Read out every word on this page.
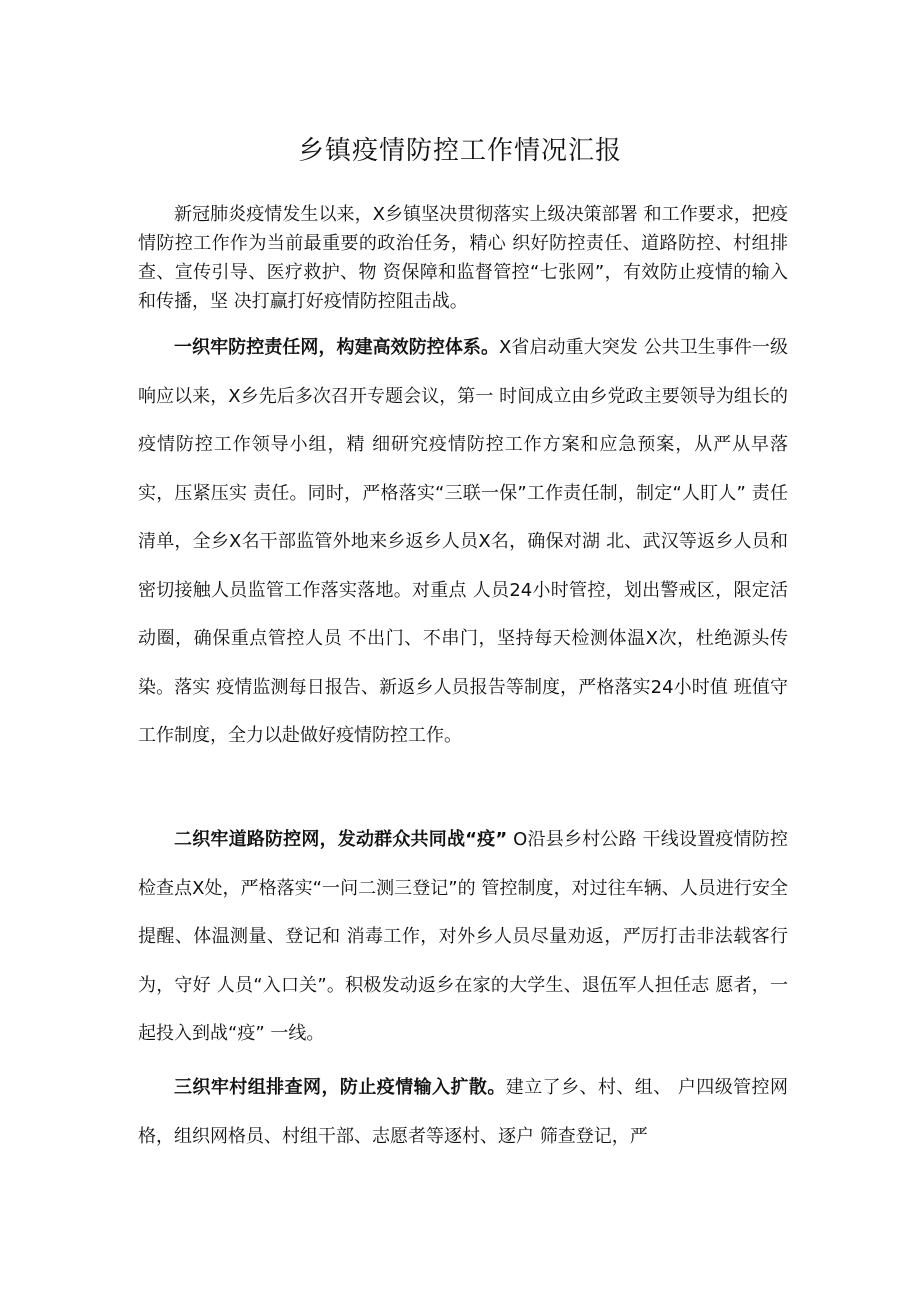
乡镇疫情防控工作情况汇报

新冠肺炎疫情发生以来，X乡镇坚决贯彻落实上级决策部署 和工作要求，把疫情防控工作作为当前最重要的政治任务，精心 织好防控责任、道路防控、村组排查、宣传引导、医疗救护、物 资保障和监督管控“七张网”，有效防止疫情的输入和传播，坚 决打赢打好疫情防控阻击战。

一织牢防控责任网，构建高效防控体系。X省启动重大突发 公共卫生事件一级响应以来，X乡先后多次召开专题会议，第一 时间成立由乡党政主要领导为组长的疫情防控工作领导小组，精 细研究疫情防控工作方案和应急预案，从严从早落实，压紧压实 责任。同时，严格落实“三联一保”工作责任制，制定“人盯人” 责任清单，全乡X名干部监管外地来乡返乡人员X名，确保对湖 北、武汉等返乡人员和密切接触人员监管工作落实落地。对重点 人员24小时管控，划出警戒区，限定活动圈，确保重点管控人员 不出门、不串门，坚持每天检测体温X次，杜绝源头传染。落实 疫情监测每日报告、新返乡人员报告等制度，严格落实24小时值 班值守工作制度，全力以赴做好疫情防控工作。

二织牢道路防控网，发动群众共同战“疫” O沿县乡村公路 干线设置疫情防控检查点X处，严格落实“一问二测三登记”的 管控制度，对过往车辆、人员进行安全提醒、体温测量、登记和 消毒工作，对外乡人员尽量劝返，严厉打击非法载客行为，守好 人员“入口关”。积极发动返乡在家的大学生、退伍军人担任志 愿者，一起投入到战“疫” 一线。

三织牢村组排查网，防止疫情输入扩散。建立了乡、村、组、 户四级管控网格，组织网格员、村组干部、志愿者等逐村、逐户 筛查登记，严
